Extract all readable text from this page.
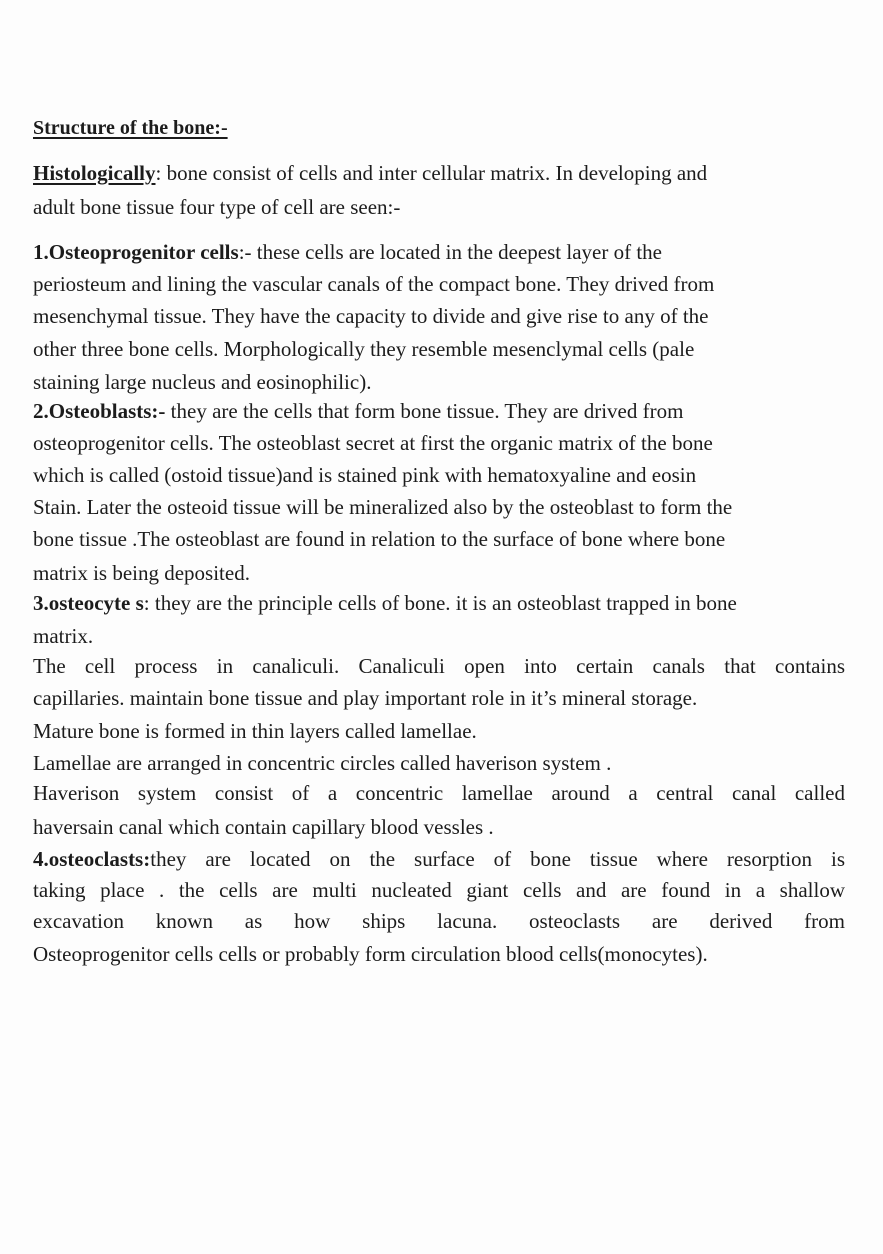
Structure of the bone:-
Histologically: bone consist of cells and inter cellular matrix. In developing and
adult bone tissue four type of cell are seen:-
1.Osteoprogenitor cells:- these cells are located in the deepest layer of the
periosteum and lining the vascular canals of the compact bone. They drived from
mesenchymal tissue. They have the capacity to divide and give rise to any of the
other three bone cells. Morphologically they resemble mesenclymal cells (pale
staining large nucleus and eosinophilic).
2.Osteoblasts:- they are the cells that form bone tissue. They are drived from
osteoprogenitor cells. The osteoblast secret at first the organic matrix of the bone
which is called (ostoid tissue)and is stained pink with hematoxyaline and eosin
Stain. Later the osteoid tissue will be mineralized also by the osteoblast to form the
bone tissue .The osteoblast are found in relation to the surface of bone where bone
matrix is being deposited.
3.osteocyte s: they are the principle cells of bone. it is an osteoblast trapped in bone
matrix.
The cell process in canaliculi. Canaliculi open into certain canals that contains
capillaries. maintain bone tissue and play important role in it’s mineral storage.
Mature bone is formed in thin layers called lamellae.
Lamellae are arranged in concentric circles called haverison system .
Haverison system consist of a concentric lamellae around a central canal called
haversain canal which contain capillary blood vessles .
4.osteoclasts:they are located on the surface of bone tissue where resorption is
taking place . the cells are multi nucleated giant cells and are found in a shallow
excavation known as how ships lacuna. osteoclasts are derived from
Osteoprogenitor cells cells or probably form circulation blood cells(monocytes).
